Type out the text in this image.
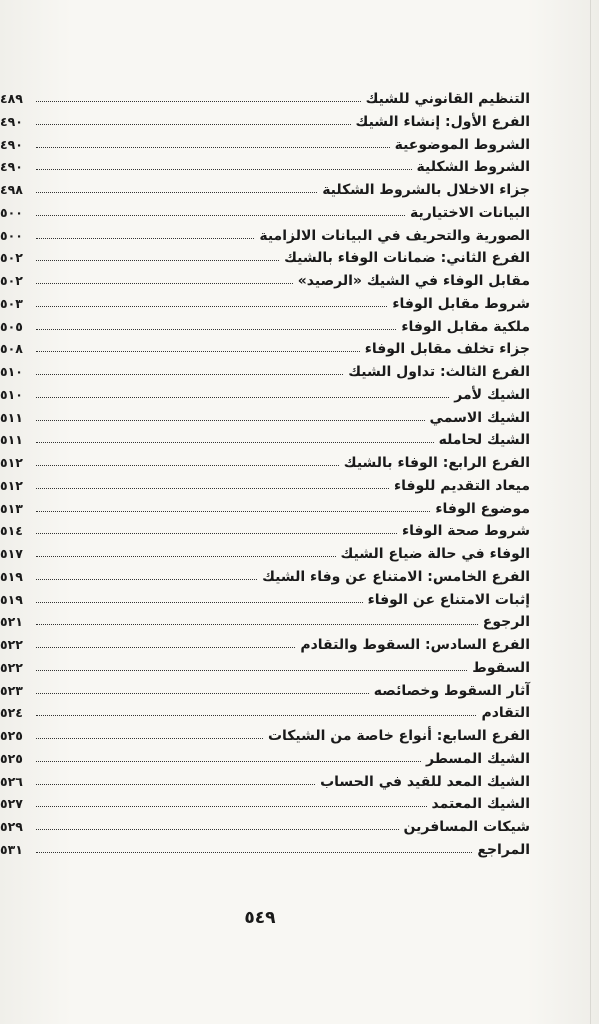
٤٨٩	التنظيم القانوني للشيك
٤٩٠	الفرع الأول: إنشاء الشيك
٤٩٠	الشروط الموضوعية
٤٩٠	الشروط الشكلية
٤٩٨	جزاء الاخلال بالشروط الشكلية
٥٠٠	البيانات الاختيارية
٥٠٠	الصورية والتحريف في البيانات الالزامية
٥٠٢	الفرع الثاني: ضمانات الوفاء بالشيك
٥٠٢	مقابل الوفاء في الشيك «الرصيد»
٥٠٣	شروط مقابل الوفاء
٥٠٥	ملكية مقابل الوفاء
٥٠٨	جزاء تخلف مقابل الوفاء
٥١٠	الفرع الثالث: تداول الشيك
٥١٠	الشيك لأمر
٥١١	الشيك الاسمي
٥١١	الشيك لحامله
٥١٢	الفرع الرابع: الوفاء بالشيك
٥١٢	ميعاد التقديم للوفاء
٥١٣	موضوع الوفاء
٥١٤	شروط صحة الوفاء
٥١٧	الوفاء في حالة ضياع الشيك
٥١٩	الفرع الخامس: الامتناع عن وفاء الشيك
٥١٩	إثبات الامتناع عن الوفاء
٥٢١	الرجوع
٥٢٢	الفرع السادس: السقوط والتقادم
٥٢٢	السقوط
٥٢٣	آثار السقوط وخصائصه
٥٢٤	التقادم
٥٢٥	الفرع السابع: أنواع خاصة من الشيكات
٥٢٥	الشيك المسطر
٥٢٦	الشيك المعد للقيد في الحساب
٥٢٧	الشيك المعتمد
٥٢٩	شيكات المسافرين
٥٣١	المراجع
٥٤٩
